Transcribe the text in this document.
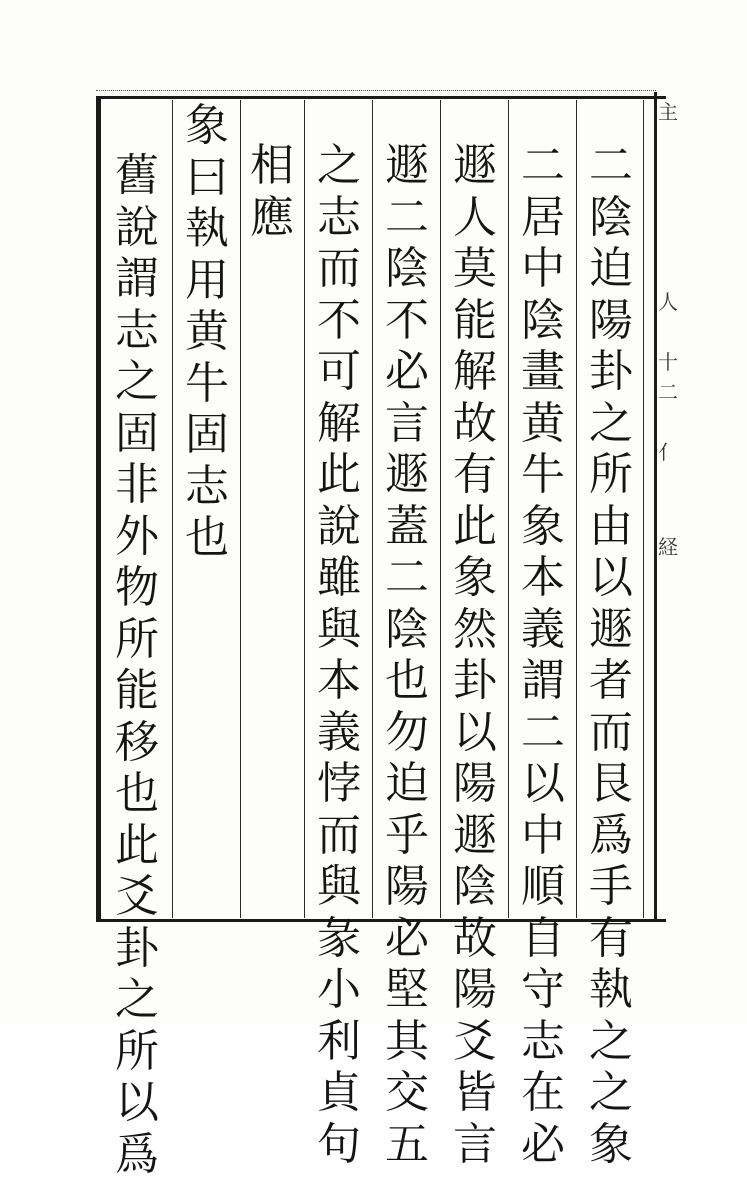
二陰迫陽卦之所由以遯者而艮爲手有執之之象
二居中陰畫黄牛象本義謂二以中順自守志在必
遯人莫能解故有此象然卦以陽遯陰故陽爻皆言
遯二陰不必言遯蓋二陰也勿迫乎陽必堅其交五
之志而不可解此說雖與本義悖而與彖小利貞句
相應
象曰執用黄牛固志也
舊說謂志之固非外物所能移也此爻卦之所以爲
主
人
十
二
亻
経
